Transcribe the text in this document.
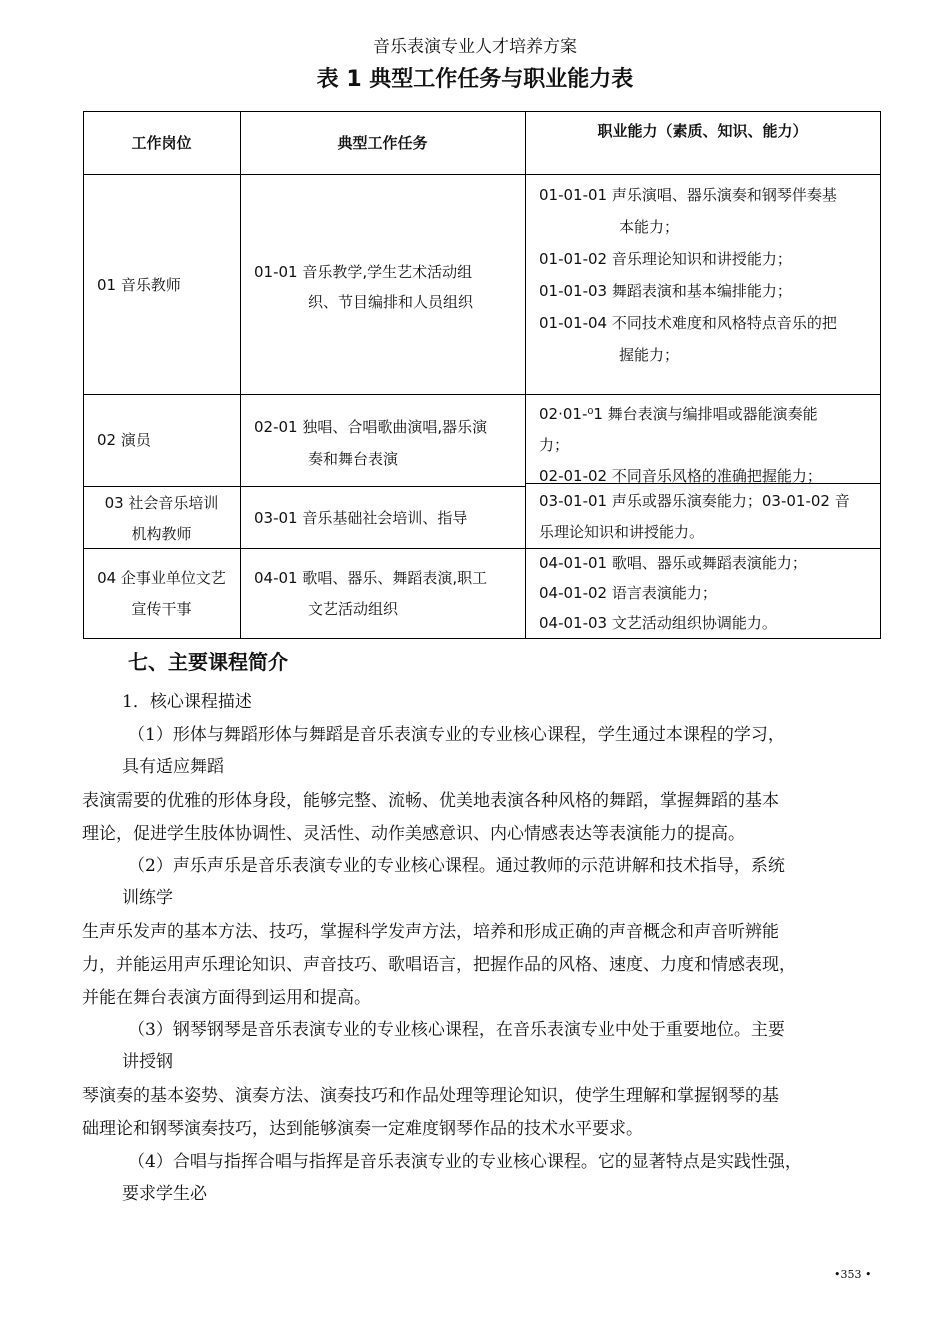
音乐表演专业人才培养方案
表 1 典型工作任务与职业能力表
工作岗位	典型工作任务
职业能力（素质、知识、能力）
01 音乐教师
01-01 音乐教学,学生艺术活动组
织、节目编排和人员组织
01-01-01 声乐演唱、器乐演奏和钢琴伴奏基
本能力；
01-01-02 音乐理论知识和讲授能力；
01-01-03 舞蹈表演和基本编排能力；
01-01-04 不同技术难度和风格特点音乐的把
握能力；
02 演员
02-01 独唱、合唱歌曲演唱,器乐演
奏和舞台表演
02·01-⁰1 舞台表演与编排唱或器能演奏能
力；
02-01-02 不同音乐风格的准确把握能力；
03 社会音乐培训
机构教师
03-01 音乐基础社会培训、指导
03-01-01 声乐或器乐演奏能力；03-01-02 音
乐理论知识和讲授能力。
04 企事业单位文艺
宣传干事
04-01 歌唱、器乐、舞蹈表演,职工
文艺活动组织
04-01-01 歌唱、器乐或舞蹈表演能力；
04-01-02 语言表演能力；
04-01-03 文艺活动组织协调能力。
七、主要课程简介
1．核心课程描述
（1）形体与舞蹈形体与舞蹈是音乐表演专业的专业核心课程，学生通过本课程的学习，
具有适应舞蹈
表演需要的优雅的形体身段，能够完整、流畅、优美地表演各种风格的舞蹈，掌握舞蹈的基本
理论，促进学生肢体协调性、灵活性、动作美感意识、内心情感表达等表演能力的提高。
（2）声乐声乐是音乐表演专业的专业核心课程。通过教师的示范讲解和技术指导，系统
训练学
生声乐发声的基本方法、技巧，掌握科学发声方法，培养和形成正确的声音概念和声音听辨能
力，并能运用声乐理论知识、声音技巧、歌唱语言，把握作品的风格、速度、力度和情感表现，
并能在舞台表演方面得到运用和提高。
（3）钢琴钢琴是音乐表演专业的专业核心课程，在音乐表演专业中处于重要地位。主要
讲授钢
琴演奏的基本姿势、演奏方法、演奏技巧和作品处理等理论知识，使学生理解和掌握钢琴的基
础理论和钢琴演奏技巧，达到能够演奏一定难度钢琴作品的技术水平要求。
（4）合唱与指挥合唱与指挥是音乐表演专业的专业核心课程。它的显著特点是实践性强，
要求学生必
•353 •
